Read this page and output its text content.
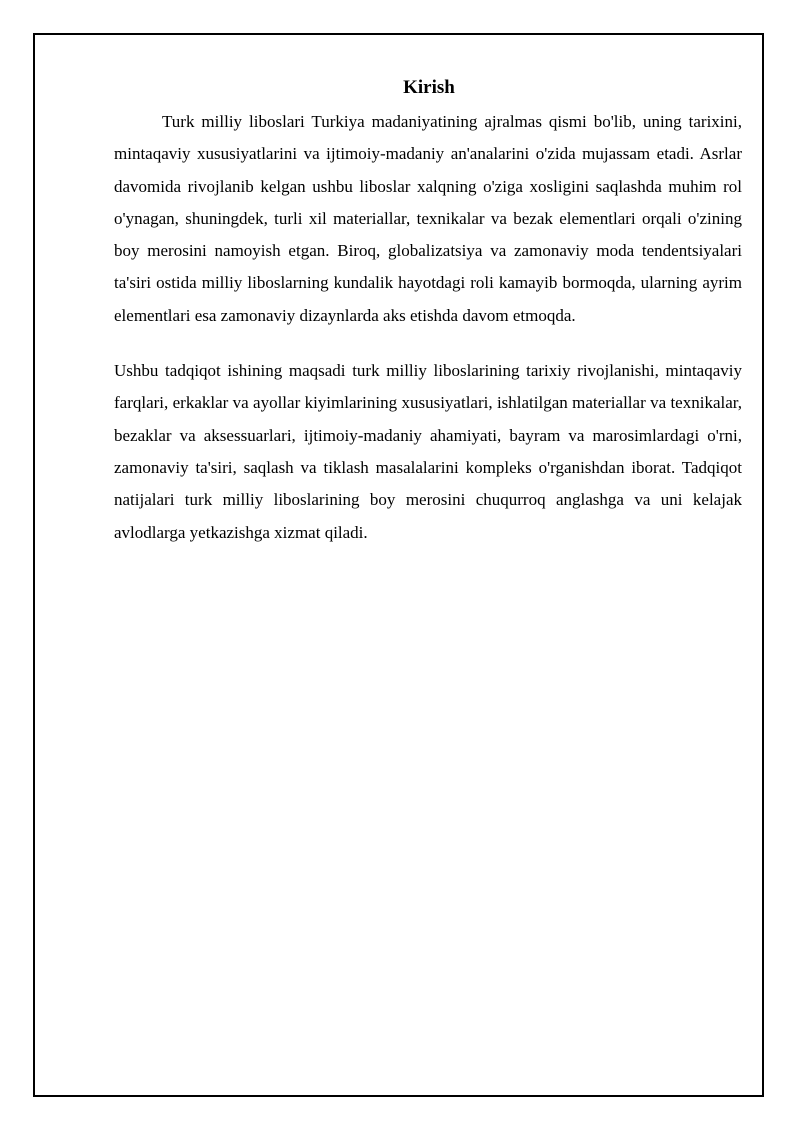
Kirish

Turk milliy liboslari Turkiya madaniyatining ajralmas qismi bo'lib, uning tarixini, mintaqaviy xususiyatlarini va ijtimoiy-madaniy an'analarini o'zida mujassam etadi. Asrlar davomida rivojlanib kelgan ushbu liboslar xalqning o'ziga xosligini saqlashda muhim rol o'ynagan, shuningdek, turli xil materiallar, texnikalar va bezak elementlari orqali o'zining boy merosini namoyish etgan. Biroq, globalizatsiya va zamonaviy moda tendentsiyalari ta'siri ostida milliy liboslarning kundalik hayotdagi roli kamayib bormoqda, ularning ayrim elementlari esa zamonaviy dizaynlarda aks etishda davom etmoqda.

Ushbu tadqiqot ishining maqsadi turk milliy liboslarining tarixiy rivojlanishi, mintaqaviy farqlari, erkaklar va ayollar kiyimlarining xususiyatlari, ishlatilgan materiallar va texnikalar, bezaklar va aksessuarlari, ijtimoiy-madaniy ahamiyati, bayram va marosimlardagi o'rni, zamonaviy ta'siri, saqlash va tiklash masalalarini kompleks o'rganishdan iborat. Tadqiqot natijalari turk milliy liboslarining boy merosini chuqurroq anglashga va uni kelajak avlodlarga yetkazishga xizmat qiladi.
